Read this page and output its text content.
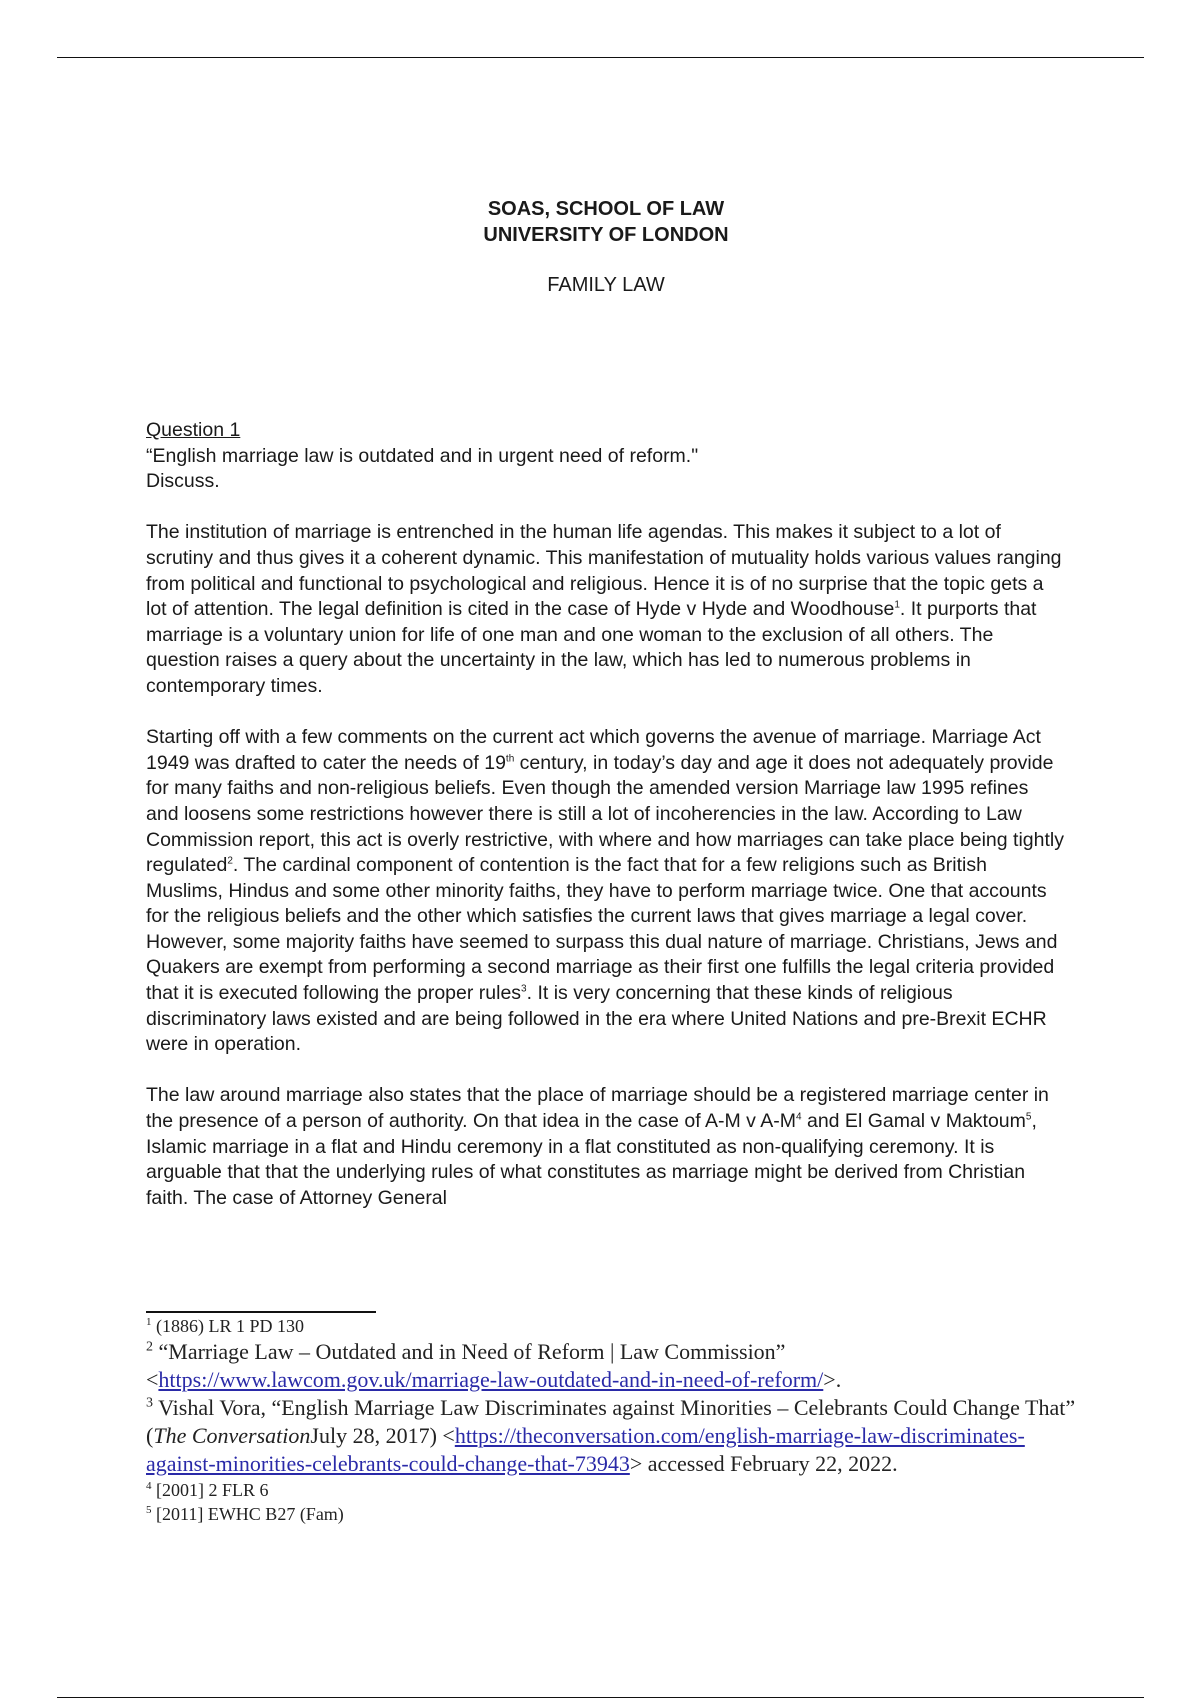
SOAS, SCHOOL OF LAW
UNIVERSITY OF LONDON
FAMILY LAW
Question 1
“English marriage law is outdated and in urgent need of reform."
Discuss.

The institution of marriage is entrenched in the human life agendas. This makes it subject to a lot of scrutiny and thus gives it a coherent dynamic. This manifestation of mutuality holds various values ranging from political and functional to psychological and religious. Hence it is of no surprise that the topic gets a lot of attention. The legal definition is cited in the case of Hyde v Hyde and Woodhouse$^1$. It purports that marriage is a voluntary union for life of one man and one woman to the exclusion of all others. The question raises a query about the uncertainty in the law, which has led to numerous problems in contemporary times.

Starting off with a few comments on the current act which governs the avenue of marriage. Marriage Act 1949 was drafted to cater the needs of 19th century, in today’s day and age it does not adequately provide for many faiths and non-religious beliefs. Even though the amended version Marriage law 1995 refines and loosens some restrictions however there is still a lot of incoherencies in the law. According to Law Commission report, this act is overly restrictive, with where and how marriages can take place being tightly regulated$^2$. The cardinal component of contention is the fact that for a few religions such as British Muslims, Hindus and some other minority faiths, they have to perform marriage twice. One that accounts for the religious beliefs and the other which satisfies the current laws that gives marriage a legal cover. However, some majority faiths have seemed to surpass this dual nature of marriage. Christians, Jews and Quakers are exempt from performing a second marriage as their first one fulfills the legal criteria provided that it is executed following the proper rules$^3$. It is very concerning that these kinds of religious discriminatory laws existed and are being followed in the era where United Nations and pre-Brexit ECHR were in operation.

The law around marriage also states that the place of marriage should be a registered marriage center in the presence of a person of authority. On that idea in the case of A-M v $A-M^4$ and El Gamal v Maktoum$^5$, Islamic marriage in a flat and Hindu ceremony in a flat constituted as non-qualifying ceremony. It is arguable that that the underlying rules of what constitutes as marriage might be derived from Christian faith. The case of Attorney General

$^1$ (1886) LR 1 PD 130
$^2$ “Marriage Law – Outdated and in Need of Reform | Law Commission”
<https://www.lawcom.gov.uk/marriage-law-outdated-and-in-need-of-reform/>.
$^3$ Vishal Vora, “English Marriage Law Discriminates against Minorities – Celebrants Could Change That” (The ConversationJuly 28, 2017) <https://theconversation.com/english-marriage-law-discriminates-against-minorities-celebrants-could-change-that-73943> accessed February 22, 2022.
$^4$ [2001] 2 FLR 6
$^5$ [2011] EWHC B27 (Fam)
